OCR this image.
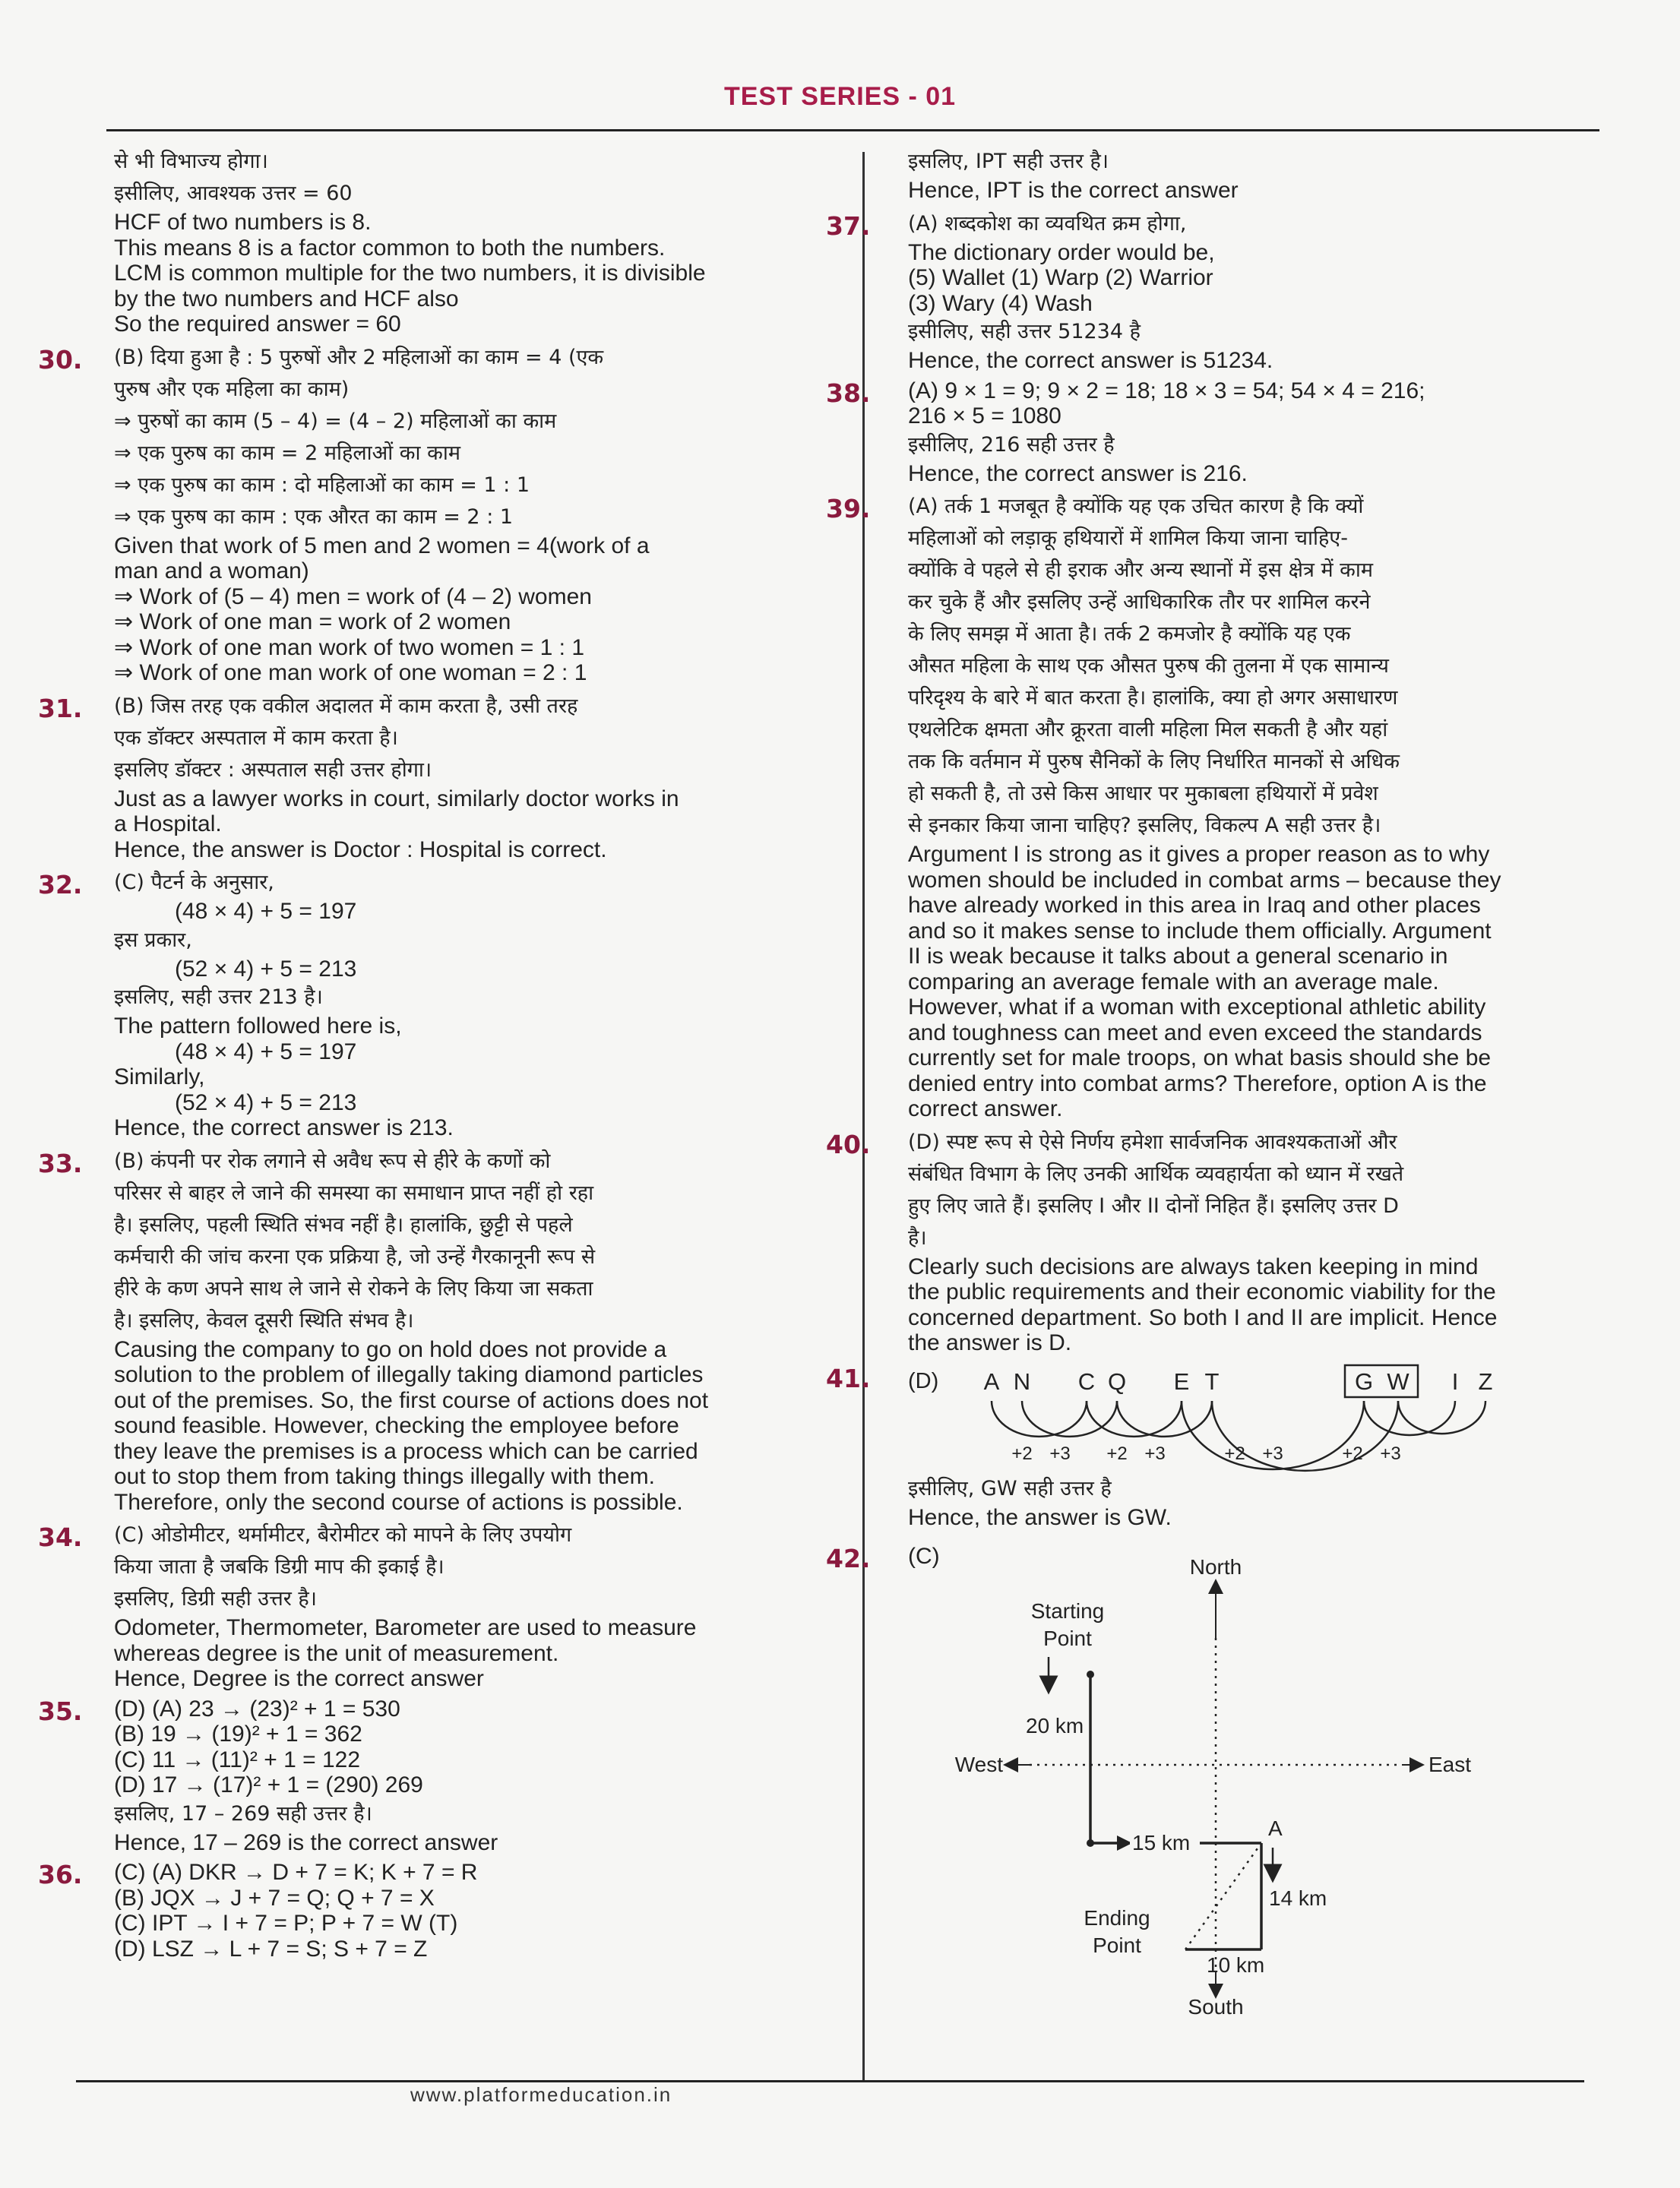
TEST SERIES - 01

से भी विभाज्य होगा।

इसीलिए, आवश्यक उत्तर = 60

HCF of two numbers is 8.

This means 8 is a factor common to both the numbers.

LCM is common multiple for the two numbers, it is divisible

by the two numbers and HCF also

So the required answer = 60

30.	(B) दिया हुआ है : 5 पुरुषों और 2 महिलाओं का काम = 4 (एक

पुरुष और एक महिला का काम)

⇒ पुरुषों का काम (5 – 4) = (4 – 2) महिलाओं का काम

⇒ एक पुरुष का काम = 2 महिलाओं का काम

⇒ एक पुरुष का काम : दो महिलाओं का काम = 1 : 1

⇒ एक पुरुष का काम : एक औरत का काम = 2 : 1

Given that work of 5 men and 2 women = 4(work of a

man and a woman)

⇒ Work of (5 – 4) men = work of (4 – 2) women

⇒ Work of one man = work of 2 women

⇒ Work of one man work of two women = 1 : 1

⇒ Work of one man work of one woman = 2 : 1

31.	(B) जिस तरह एक वकील अदालत में काम करता है, उसी तरह

एक डॉक्टर अस्पताल में काम करता है।

इसलिए डॉक्टर : अस्पताल सही उत्तर होगा।

Just as a lawyer works in court, similarly doctor works in

a Hospital.

Hence, the answer is Doctor : Hospital is correct.

32.	(C) पैटर्न के अनुसार,

(48 × 4) + 5 = 197

इस प्रकार,

(52 × 4) + 5 = 213

इसलिए, सही उत्तर 213 है।

The pattern followed here is,

(48 × 4) + 5 = 197

Similarly,

(52 × 4) + 5 = 213

Hence, the correct answer is 213.

33.	(B) कंपनी पर रोक लगाने से अवैध रूप से हीरे के कणों को

परिसर से बाहर ले जाने की समस्या का समाधान प्राप्त नहीं हो रहा

है। इसलिए, पहली स्थिति संभव नहीं है। हालांकि, छुट्टी से पहले

कर्मचारी की जांच करना एक प्रक्रिया है, जो उन्हें गैरकानूनी रूप से

हीरे के कण अपने साथ ले जाने से रोकने के लिए किया जा सकता

है। इसलिए, केवल दूसरी स्थिति संभव है।

Causing the company to go on hold does not provide a

solution to the problem of illegally taking diamond particles

out of the premises. So, the first course of actions does not

sound feasible. However, checking the employee before

they leave the premises is a process which can be carried

out to stop them from taking things illegally with them.

Therefore, only the second course of actions is possible.

34.	(C) ओडोमीटर, थर्मामीटर, बैरोमीटर को मापने के लिए उपयोग

किया जाता है जबकि डिग्री माप की इकाई है।

इसलिए, डिग्री सही उत्तर है।

Odometer, Thermometer, Barometer are used to measure

whereas degree is the unit of measurement.

Hence, Degree is the correct answer

35.	(D) (A) 23 → (23)² + 1 = 530

(B) 19 → (19)² + 1 = 362

(C) 11 → (11)² + 1 = 122

(D) 17 → (17)² + 1 = (290) 269

इसलिए, 17 – 269 सही उत्तर है।

Hence, 17 – 269 is the correct answer

36.	(C) (A) DKR → D + 7 = K; K + 7 = R

(B) JQX → J + 7 = Q; Q + 7 = X

(C) IPT → I + 7 = P; P + 7 = W (T)

(D) LSZ → L + 7 = S; S + 7 = Z

इसलिए, IPT सही उत्तर है।

Hence, IPT is the correct answer

37.	(A) शब्दकोश का व्यवथित क्रम होगा,

The dictionary order would be,

(5) Wallet (1) Warp (2) Warrior

(3) Wary (4) Wash

इसीलिए, सही उत्तर 51234 है

Hence, the correct answer is 51234.

38.	(A) 9 × 1 = 9; 9 × 2 = 18; 18 × 3 = 54; 54 × 4 = 216;

216 × 5 = 1080

इसीलिए, 216 सही उत्तर है

Hence, the correct answer is 216.

39.	(A) तर्क 1 मजबूत है क्योंकि यह एक उचित कारण है कि क्यों

महिलाओं को लड़ाकू हथियारों में शामिल किया जाना चाहिए-

क्योंकि वे पहले से ही इराक और अन्य स्थानों में इस क्षेत्र में काम

कर चुके हैं और इसलिए उन्हें आधिकारिक तौर पर शामिल करने

के लिए समझ में आता है। तर्क 2 कमजोर है क्योंकि यह एक

औसत महिला के साथ एक औसत पुरुष की तुलना में एक सामान्य

परिदृश्य के बारे में बात करता है। हालांकि, क्या हो अगर असाधारण

एथलेटिक क्षमता और क्रूरता वाली महिला मिल सकती है और यहां

तक कि वर्तमान में पुरुष सैनिकों के लिए निर्धारित मानकों से अधिक

हो सकती है, तो उसे किस आधार पर मुकाबला हथियारों में प्रवेश

से इनकार किया जाना चाहिए? इसलिए, विकल्प A सही उत्तर है।

Argument I is strong as it gives a proper reason as to why

women should be included in combat arms – because they

have already worked in this area in Iraq and other places

and so it makes sense to include them officially. Argument

II is weak because it talks about a general scenario in

comparing an average female with an average male.

However, what if a woman with exceptional athletic ability

and toughness can meet and even exceed the standards

currently set for male troops, on what basis should she be

denied entry into combat arms? Therefore, option A is the

correct answer.

40.	(D) स्पष्ट रूप से ऐसे निर्णय हमेशा सार्वजनिक आवश्यकताओं और

संबंधित विभाग के लिए उनकी आर्थिक व्यवहार्यता को ध्यान में रखते

हुए लिए जाते हैं। इसलिए I और II दोनों निहित हैं। इसलिए उत्तर D

है।

Clearly such decisions are always taken keeping in mind

the public requirements and their economic viability for the

concerned department. So both I and II are implicit. Hence

the answer is D.

41.	(D) A N C Q E T	G W I Z
+2 +3 +2 +3	+2 +3	+2 +3

इसीलिए, GW सही उत्तर है

Hence, the answer is GW.

42.	(C)	North
South
West	East
Starting
Point
20 km
15 km
A
14 km
10 km
Ending
Point
www.platformeducation.in
